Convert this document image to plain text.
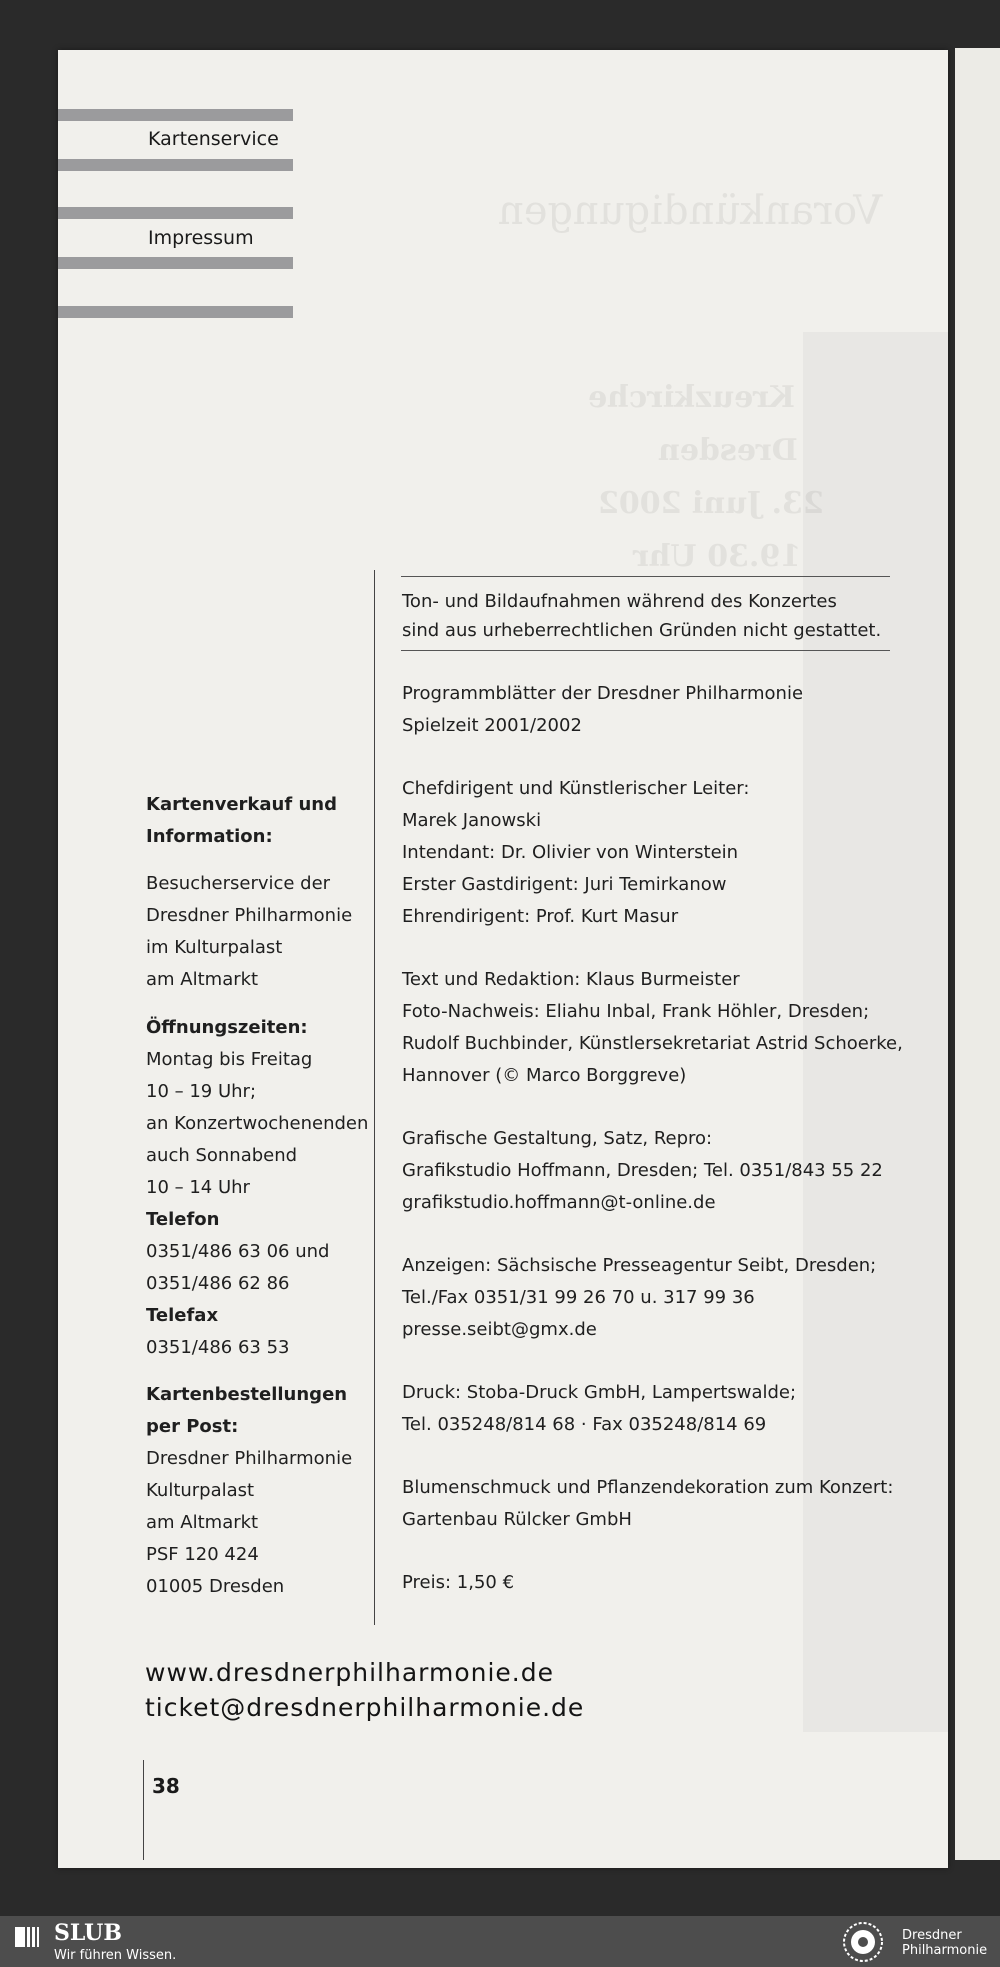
Vorankündigungen
Kreuzkirche
Dresden
23. Juni 2002
19.30 Uhr
Kartenservice
Impressum
Ton- und Bildaufnahmen während des Konzertes
sind aus urheberrechtlichen Gründen nicht gestattet.
Programmblätter der Dresdner Philharmonie
Spielzeit 2001/2002
Chefdirigent und Künstlerischer Leiter:
Marek Janowski
Intendant: Dr. Olivier von Winterstein
Erster Gastdirigent: Juri Temirkanow
Ehrendirigent: Prof. Kurt Masur
Text und Redaktion: Klaus Burmeister
Foto-Nachweis: Eliahu Inbal, Frank Höhler, Dresden;
Rudolf Buchbinder, Künstlersekretariat Astrid Schoerke,
Hannover (© Marco Borggreve)
Grafische Gestaltung, Satz, Repro:
Grafikstudio Hoffmann, Dresden; Tel. 0351/843 55 22
grafikstudio.hoffmann@t-online.de
Anzeigen: Sächsische Presseagentur Seibt, Dresden;
Tel./Fax 0351/31 99 26 70 u. 317 99 36
presse.seibt@gmx.de
Druck: Stoba-Druck GmbH, Lampertswalde;
Tel. 035248/814 68 · Fax 035248/814 69
Blumenschmuck und Pflanzendekoration zum Konzert:
Gartenbau Rülcker GmbH
Preis: 1,50 €
Kartenverkauf und
Information:
Besucherservice der
Dresdner Philharmonie
im Kulturpalast
am Altmarkt
Öffnungszeiten:
Montag bis Freitag
10 – 19 Uhr;
an Konzertwochenenden
auch Sonnabend
10 – 14 Uhr
Telefon
0351/486 63 06 und
0351/486 62 86
Telefax
0351/486 63 53
Kartenbestellungen
per Post:
Dresdner Philharmonie
Kulturpalast
am Altmarkt
PSF 120 424
01005 Dresden
www.dresdnerphilharmonie.de
ticket@dresdnerphilharmonie.de
38
SLUB
Wir führen Wissen.
Dresdner
Philharmonie
